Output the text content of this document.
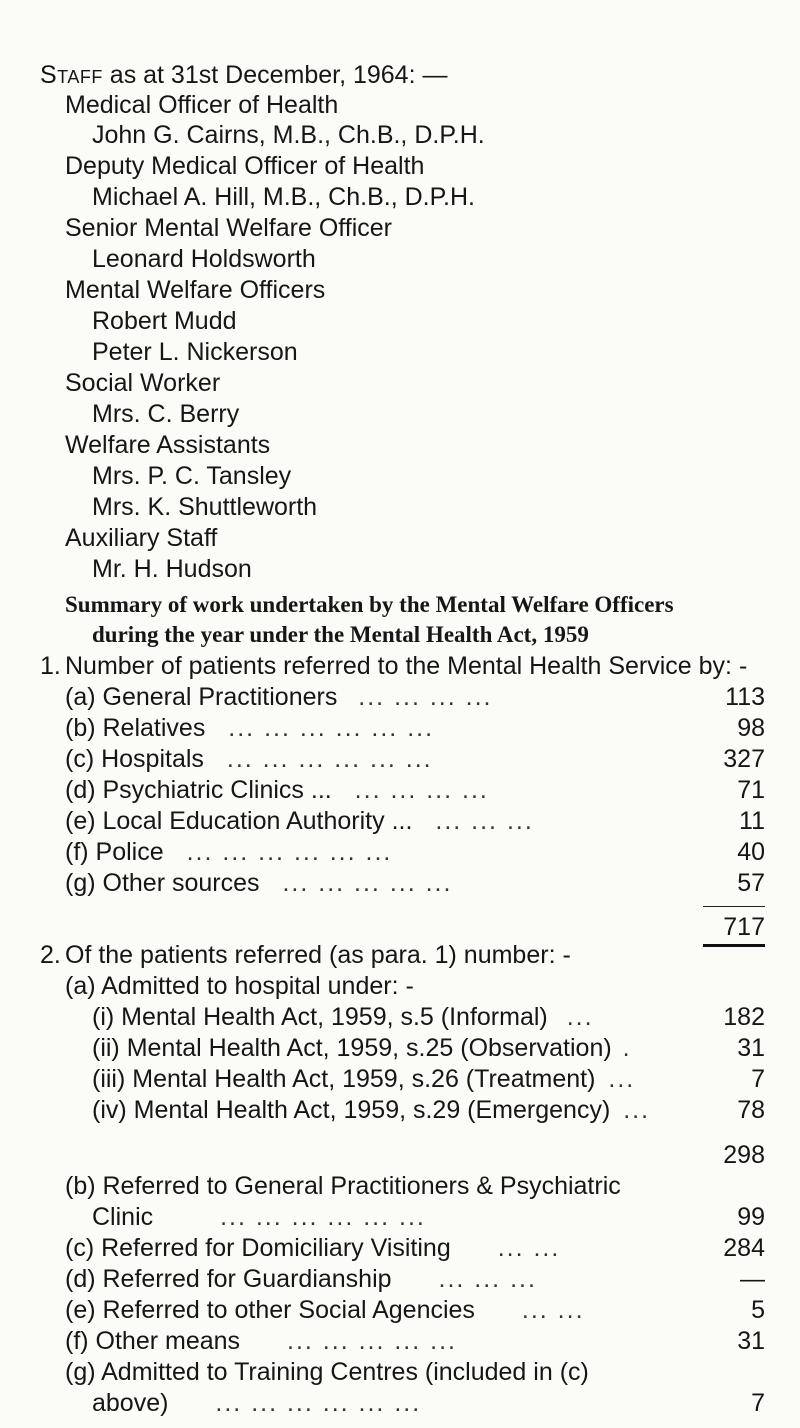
Staff as at 31st December, 1964: —
Medical Officer of Health
John G. Cairns, M.B., Ch.B., D.P.H.
Deputy Medical Officer of Health
Michael A. Hill, M.B., Ch.B., D.P.H.
Senior Mental Welfare Officer
Leonard Holdsworth
Mental Welfare Officers
Robert Mudd
Peter L. Nickerson
Social Worker
Mrs. C. Berry
Welfare Assistants
Mrs. P. C. Tansley
Mrs. K. Shuttleworth
Auxiliary Staff
Mr. H. Hudson
Summary of work undertaken by the Mental Welfare Officers
during the year under the Mental Health Act, 1959
1. Number of patients referred to the Mental Health Service by: -
(a) General Practitioners ... ... ... ...	113
(b) Relatives ... ... ... ... ... ...	98
(c) Hospitals ... ... ... ... ... ...	327
(d) Psychiatric Clinics ... ... ... ... ...	71
(e) Local Education Authority ... ... ... ...	11
(f) Police ... ... ... ... ... ...	40
(g) Other sources ... ... ... ... ...	57
717
2. Of the patients referred (as para. 1) number: -
(a) Admitted to hospital under: -
(i) Mental Health Act, 1959, s.5 (Informal) ...	182
(ii) Mental Health Act, 1959, s.25 (Observation) .	31
(iii) Mental Health Act, 1959, s.26 (Treatment) ...	7
(iv) Mental Health Act, 1959, s.29 (Emergency) ...	78
298
(b) Referred to General Practitioners & Psychiatric
Clinic	... ... ... ... ... ...	99
(c) Referred for Domiciliary Visiting ... ...	284
(d) Referred for Guardianship ... ... ...	—
(e) Referred to other Social Agencies ... ...	5
(f) Other means ... ... ... ... ...	31
(g) Admitted to Training Centres (included in (c)
above) ... ... ... ... ... ...	7
